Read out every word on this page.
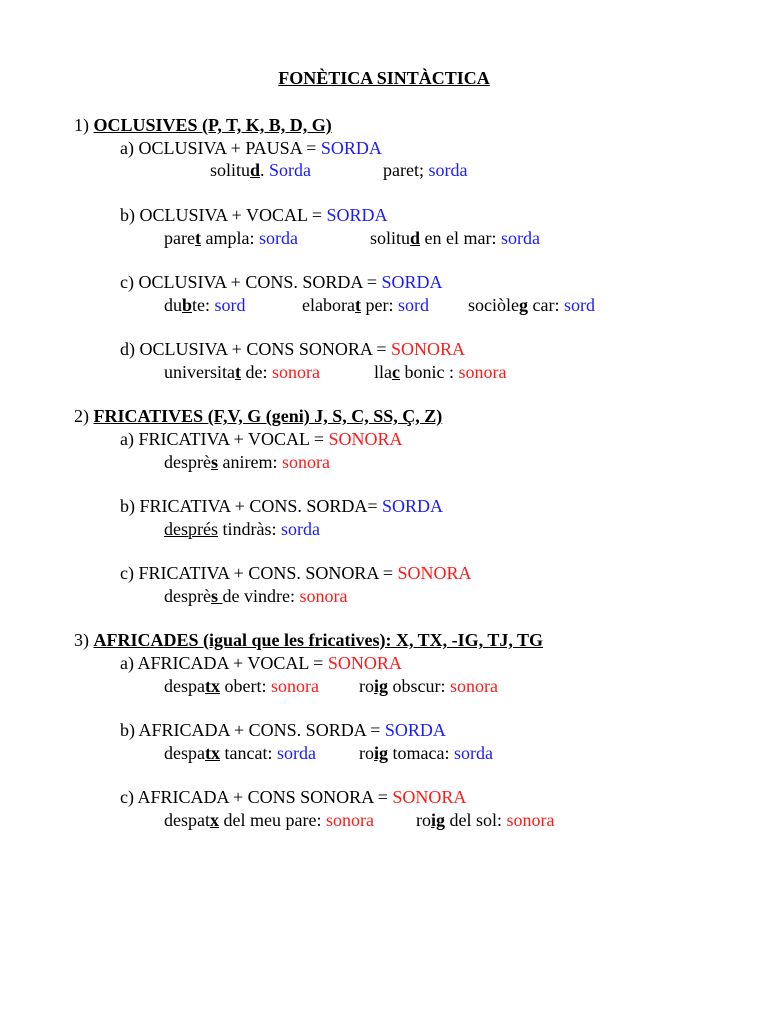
FONÈTICA SINTÀCTICA
1) OCLUSIVES (P, T, K, B, D, G)
a) OCLUSIVA + PAUSA = SORDA
solitud. Sorda	paret; sorda
b) OCLUSIVA + VOCAL = SORDA
paret ampla: sorda	solitud en el mar: sorda
c) OCLUSIVA + CONS. SORDA = SORDA
dubte: sord	elaborat per: sord sociòleg car: sord
d) OCLUSIVA + CONS SONORA = SONORA
universitat de: sonora	llac bonic : sonora
2) FRICATIVES (F,V, G (geni) J, S, C, SS, Ç, Z)
a) FRICATIVA + VOCAL = SONORA
desprès anirem: sonora
b) FRICATIVA + CONS. SORDA= SORDA
després tindràs: sorda
c) FRICATIVA + CONS. SONORA = SONORA
desprès de vindre: sonora
3) AFRICADES (igual que les fricatives): X, TX, -IG, TJ, TG
a) AFRICADA + VOCAL = SONORA
despatx obert: sonora roig obscur: sonora
b) AFRICADA + CONS. SORDA = SORDA
despatx tancat: sorda roig tomaca: sorda
c) AFRICADA + CONS SONORA = SONORA
despatx del meu pare: sonora roig del sol: sonora
